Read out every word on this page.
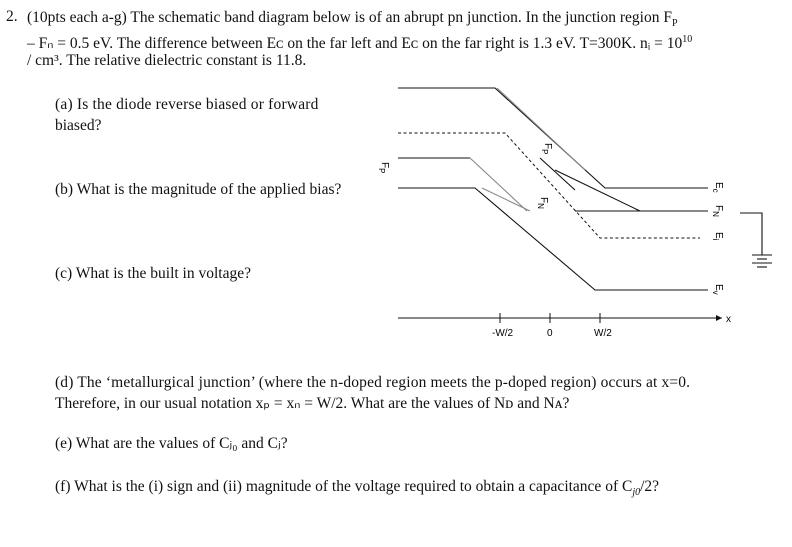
2. (10pts each a-g) The schematic band diagram below is of an abrupt pn junction. In the junction region $F_P$
– Fₙ = 0.5 eV. The difference between Eᴄ on the far left and Eᴄ on the far right is 1.3 eV. T=300K. nᵢ = $10^{10}$
/ cm³. The relative dielectric constant is 11.8.
(a) Is the diode reverse biased or forward
biased?
(b) What is the magnitude of the applied bias?
(c) What is the built in voltage?
-W/2	0	W/2
x
$F_P$
$F_P$
$F_N$
$E_c$
$F_N$
$E_i$
$E_v$
(d) The ‘metallurgical junction’ (where the n-doped region meets the p-doped region) occurs at x=0.
Therefore, in our usual notation xₚ = xₙ = W/2. What are the values of Nᴅ and Nᴀ?
(e) What are the values of Cⱼ₀ and Cⱼ?
(f) What is the (i) sign and (ii) magnitude of the voltage required to obtain a capacitance of $C_{j0}/2$?
